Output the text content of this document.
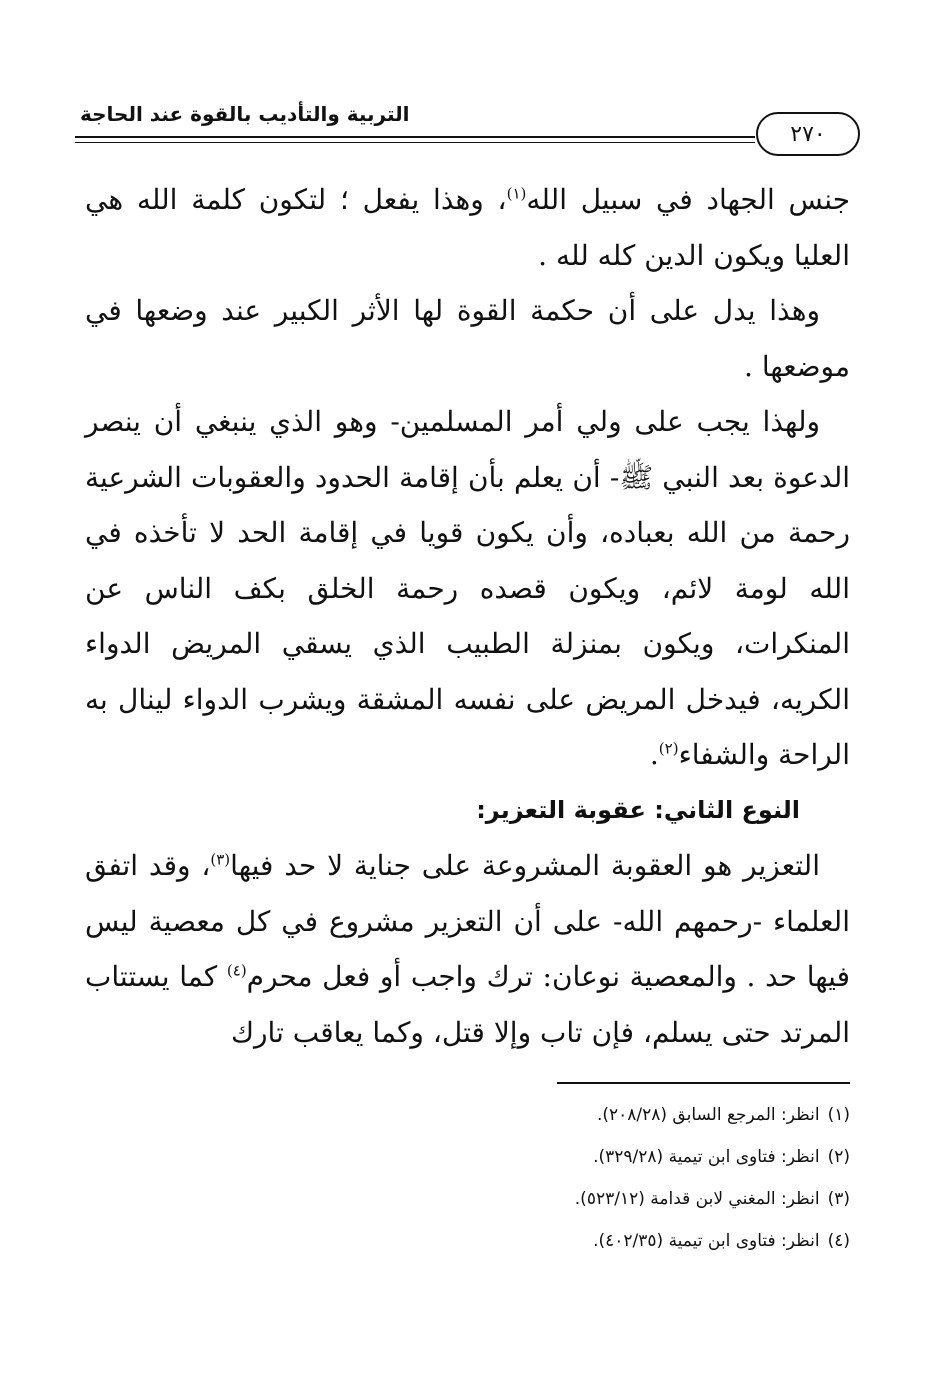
٢٧٠
التربية والتأديب بالقوة عند الحاجة

جنس الجهاد في سبيل الله$^{(١)}$، وهذا يفعل ؛ لتكون كلمة الله هي العليا ويكون الدين كله لله .

وهذا يدل على أن حكمة القوة لها الأثر الكبير عند وضعها في موضعها .

ولهذا يجب على ولي أمر المسلمين- وهو الذي ينبغي أن ينصر الدعوة بعد النبي ﷺ- أن يعلم بأن إقامة الحدود والعقوبات الشرعية رحمة من الله بعباده، وأن يكون قويا في إقامة الحد لا تأخذه في الله لومة لائم، ويكون قصده رحمة الخلق بكف الناس عن المنكرات، ويكون بمنزلة الطبيب الذي يسقي المريض الدواء الكريه، فيدخل المريض على نفسه المشقة ويشرب الدواء لينال به الراحة والشفاء$^{(٢)}$.

النوع الثاني: عقوبة التعزير:

التعزير هو العقوبة المشروعة على جناية لا حد فيها$^{(٣)}$، وقد اتفق العلماء -رحمهم الله- على أن التعزير مشروع في كل معصية ليس فيها حد . والمعصية نوعان: ترك واجب أو فعل محرم$^{(٤)}$ كما يستتاب المرتد حتى يسلم، فإن تاب وإلا قتل، وكما يعاقب تارك

(١)انظر: المرجع السابق (٢٠٨/٢٨).
(٢)انظر: فتاوى ابن تيمية (٣٢٩/٢٨).
(٣)انظر: المغني لابن قدامة (٥٢٣/١٢).
(٤)انظر: فتاوى ابن تيمية (٤٠٢/٣٥).
